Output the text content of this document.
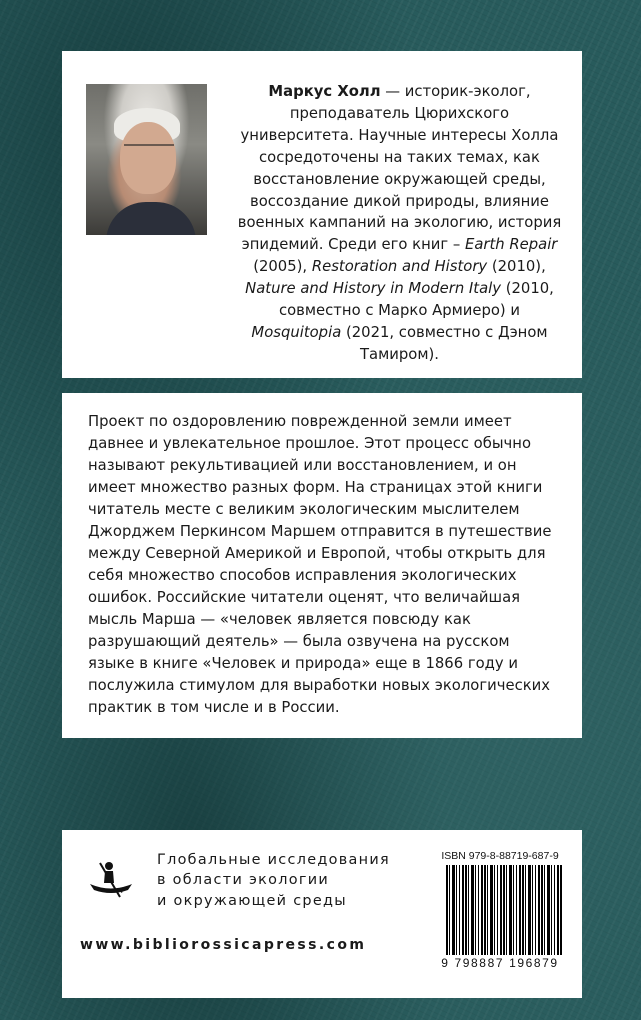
Маркус Холл — историк-эколог, преподаватель Цюрихского университета. Научные интересы Холла сосредоточены на таких темах, как восстановление окружающей среды, воссоздание дикой природы, влияние военных кампаний на экологию, история эпидемий. Среди его книг – Earth Repair (2005), Restoration and History (2010), Nature and History in Modern Italy (2010, совместно с Марко Армиеро) и Mosquitopia (2021, совместно с Дэном Тамиром).

Проект по оздоровлению поврежденной земли имеет давнее и увлекательное прошлое. Этот процесс обычно называют рекультивацией или восстановлением, и он имеет множество разных форм. На страницах этой книги читатель месте с великим экологическим мыслителем Джорджем Перкинсом Маршем отправится в путешествие между Северной Америкой и Европой, чтобы открыть для себя множество способов исправления экологических ошибок. Российские читатели оценят, что величайшая мысль Марша — «человек является повсюду как разрушающий деятель» — была озвучена на русском языке в книге «Человек и природа» еще в 1866 году и послужила стимулом для выработки новых экологических практик в том числе и в России.

Глобальные исследования
в области экологии
и окружающей среды
www.bibliorossicapress.com
ISBN 979-8-88719-687-9
9 798887 196879
